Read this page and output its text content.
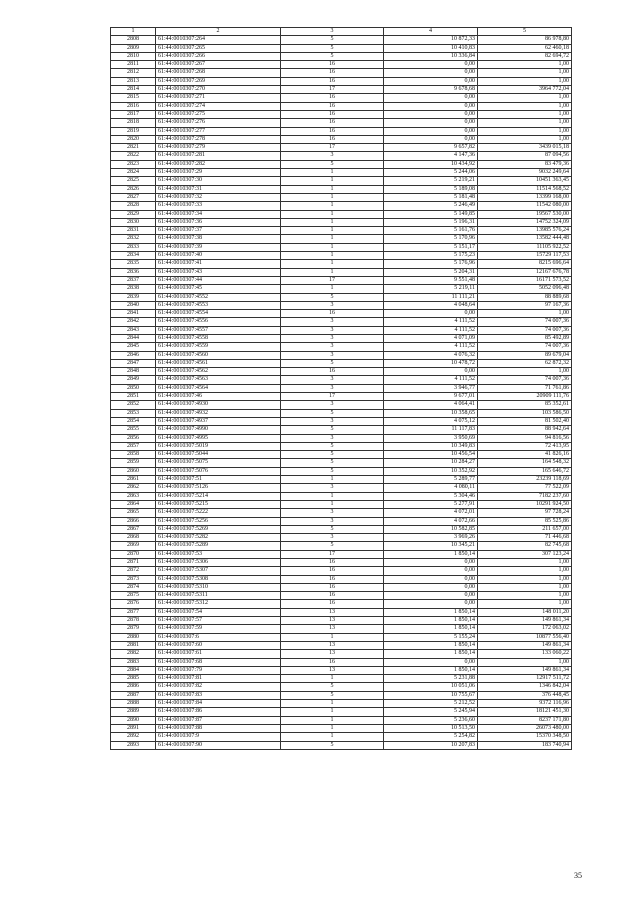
1	2	3	4	5
2808	61:44:0010307:264	5	10 872,33	86 978,80
2809	61:44:0010307:265	5	10 410,83	62 460,18
2810	61:44:0010307:266	5	10 336,84	82 694,72
2811	61:44:0010307:267	16	0,00	1,00
2812	61:44:0010307:268	16	0,00	1,00
2813	61:44:0010307:269	16	0,00	1,00
2814	61:44:0010307:270	17	9 678,68	3964 772,04
2815	61:44:0010307:271	16	0,00	1,00
2816	61:44:0010307:274	16	0,00	1,00
2817	61:44:0010307:275	16	0,00	1,00
2818	61:44:0010307:276	16	0,00	1,00
2819	61:44:0010307:277	16	0,00	1,00
2820	61:44:0010307:278	16	0,00	1,00
2821	61:44:0010307:279	17	9 657,82	3439 015,18
2822	61:44:0010307:281	3	4 147,36	87 094,56
2823	61:44:0010307:282	5	10 434,92	83 479,36
2824	61:44:0010307:29	1	5 244,06	9032 249,64
2825	61:44:0010307:30	1	5 219,21	10451 363,45
2826	61:44:0010307:31	1	5 189,08	11514 568,52
2827	61:44:0010307:32	1	5 181,48	13399 168,00
2828	61:44:0010307:33	1	5 246,49	11542 080,00
2829	61:44:0010307:34	1	5 149,85	19567 530,00
2830	61:44:0010307:36	1	5 196,31	14752 324,09
2831	61:44:0010307:37	1	5 161,76	13985 576,24
2832	61:44:0010307:38	1	5 170,96	13582 444,48
2833	61:44:0010307:39	1	5 151,17	11105 922,52
2834	61:44:0010307:40	1	5 175,23	15729 117,53
2835	61:44:0010307:41	1	5 176,96	8215 696,64
2836	61:44:0010307:43	1	5 204,31	12167 676,78
2837	61:44:0010307:44	17	9 551,48	16171 573,52
2838	61:44:0010307:45	1	5 219,11	5052 096,48
2839	61:44:0010307:4552	5	11 111,21	88 889,68
2840	61:44:0010307:4553	3	4 048,64	97 167,36
2841	61:44:0010307:4554	16	0,00	1,00
2842	61:44:0010307:4556	3	4 111,52	74 007,36
2843	61:44:0010307:4557	3	4 111,52	74 007,36
2844	61:44:0010307:4558	3	4 071,09	85 492,89
2845	61:44:0010307:4559	3	4 111,52	74 007,36
2846	61:44:0010307:4560	3	4 076,32	89 679,04
2847	61:44:0010307:4561	5	10 478,72	62 872,32
2848	61:44:0010307:4562	16	0,00	1,00
2849	61:44:0010307:4563	3	4 111,52	74 007,36
2850	61:44:0010307:4564	3	3 946,77	71 761,86
2851	61:44:0010307:46	17	9 677,01	20909 111,76
2852	61:44:0010307:4930	3	4 064,41	85 352,61
2853	61:44:0010307:4932	5	10 358,65	103 586,50
2854	61:44:0010307:4937	3	4 075,12	81 502,40
2855	61:44:0010307:4990	5	11 117,83	88 942,64
2856	61:44:0010307:4995	3	3 950,69	94 816,56
2857	61:44:0010307:5019	5	10 349,83	72 413,95
2858	61:44:0010307:5044	5	10 456,54	41 826,16
2859	61:44:0010307:5075	5	10 284,27	164 548,32
2860	61:44:0010307:5076	5	10 352,92	165 646,72
2861	61:44:0010307:51	1	5 289,77	23239 118,69
2862	61:44:0010307:5126	3	4 080,11	77 522,09
2863	61:44:0010307:5214	1	5 304,46	7182 237,60
2864	61:44:0010307:5215	1	5 277,91	10291 924,50
2865	61:44:0010307:5222	3	4 072,01	97 728,24
2866	61:44:0010307:5256	3	4 072,66	85 525,86
2867	61:44:0010307:5269	5	10 582,85	211 657,00
2868	61:44:0010307:5282	3	3 969,26	71 446,68
2869	61:44:0010307:5289	5	10 345,21	82 745,68
2870	61:44:0010307:53	17	1 850,14	307 123,24
2871	61:44:0010307:5306	16	0,00	1,00
2872	61:44:0010307:5307	16	0,00	1,00
2873	61:44:0010307:5308	16	0,00	1,00
2874	61:44:0010307:5310	16	0,00	1,00
2875	61:44:0010307:5311	16	0,00	1,00
2876	61:44:0010307:5312	16	0,00	1,00
2877	61:44:0010307:54	13	1 850,14	148 011,20
2878	61:44:0010307:57	13	1 850,14	149 861,34
2879	61:44:0010307:59	13	1 850,14	172 063,02
2880	61:44:0010307:6	1	5 155,24	10877 556,40
2881	61:44:0010307:60	13	1 850,14	149 861,34
2882	61:44:0010307:61	13	1 850,14	133 060,22
2883	61:44:0010307:68	16	0,00	1,00
2884	61:44:0010307:79	13	1 850,14	149 861,34
2885	61:44:0010307:81	1	5 231,88	12917 511,72
2886	61:44:0010307:82	5	10 051,06	1346 842,04
2887	61:44:0010307:83	5	10 755,67	376 448,45
2888	61:44:0010307:84	1	5 212,52	9372 116,96
2889	61:44:0010307:86	1	5 245,94	18121 451,30
2890	61:44:0010307:87	1	5 236,60	8237 171,80
2891	61:44:0010307:88	1	10 513,50	26073 480,00
2892	61:44:0010307:9	1	5 254,82	15370 348,50
2893	61:44:0010307:90	5	10 207,83	183 740,94
35
